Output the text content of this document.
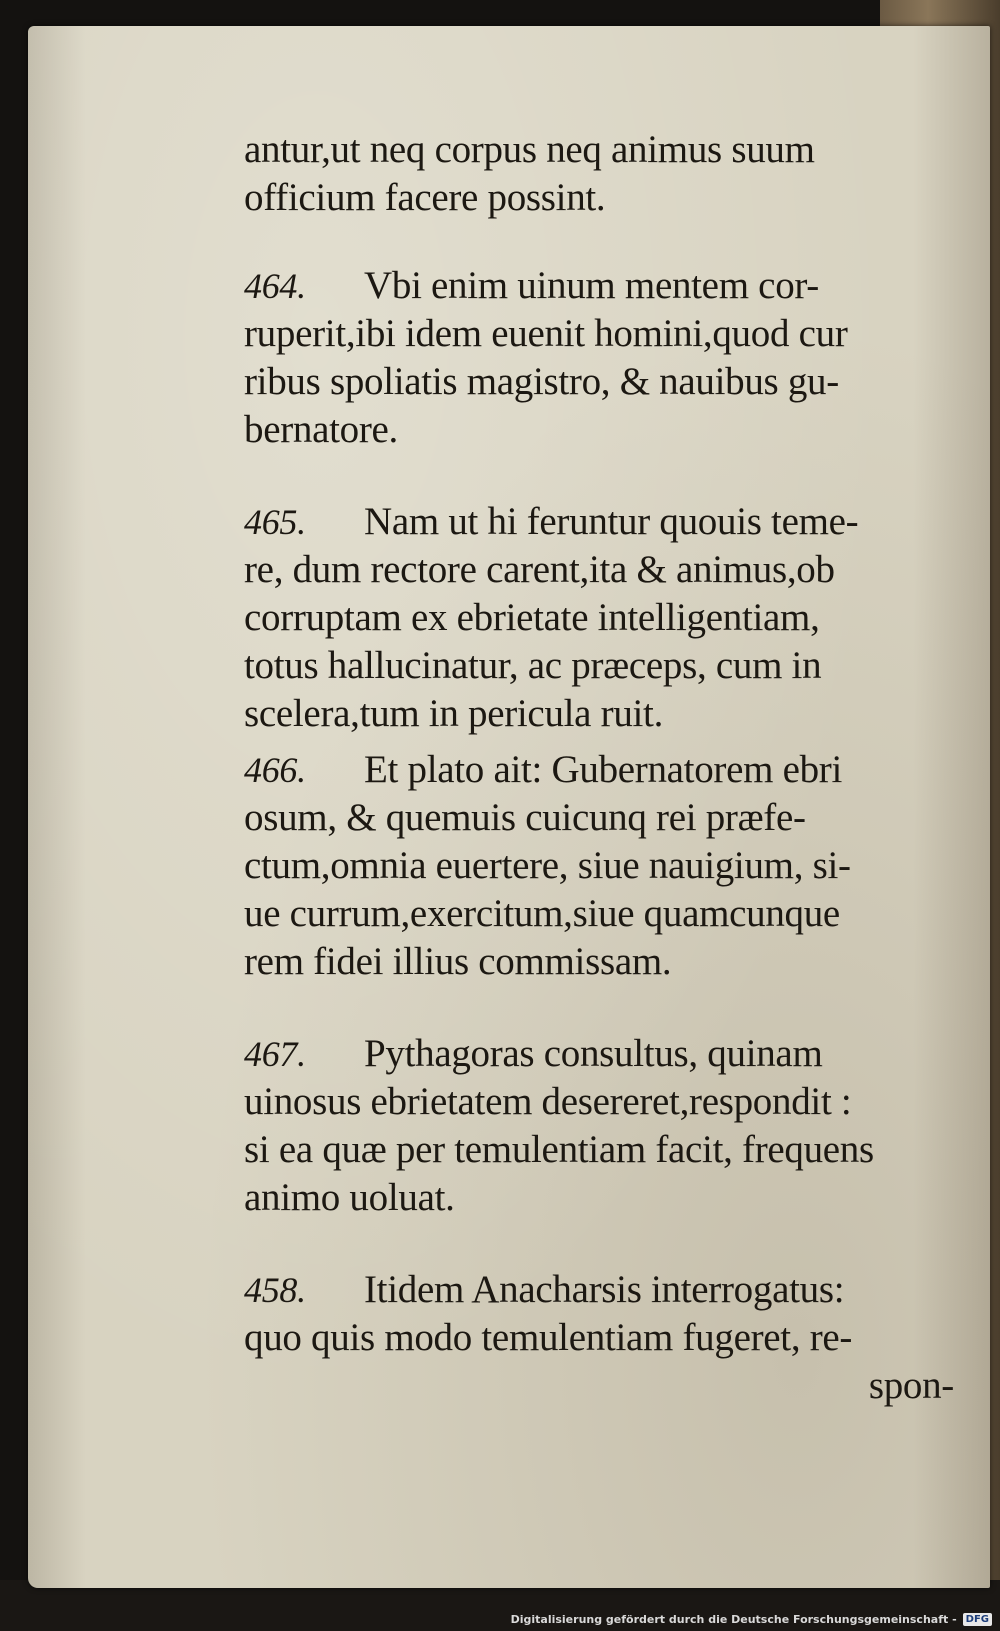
antur,ut neq corpus neq animus suum
officium facere possint.
464. Vbi enim uinum mentem cor-
ruperit,ibi idem euenit homini,quod cur
ribus spoliatis magistro, & nauibus gu-
bernatore.
465. Nam ut hi feruntur quouis teme-
re, dum rectore carent,ita & animus,ob
corruptam ex ebrietate intelligentiam,
totus hallucinatur, ac præceps, cum in
scelera,tum in pericula ruit.
466. Et plato ait: Gubernatorem ebri
osum, & quemuis cuicunq rei præfe-
ctum,omnia euertere, siue nauigium, si-
ue currum,exercitum,siue quamcunque
rem fidei illius commissam.
467. Pythagoras consultus, quinam
uinosus ebrietatem desereret,respondit :
si ea quæ per temulentiam facit, frequens
animo uoluat.
458. Itidem Anacharsis interrogatus:
quo quis modo temulentiam fugeret, re-
spon-
Digitalisierung gefördert durch die Deutsche Forschungsgemeinschaft - DFG
